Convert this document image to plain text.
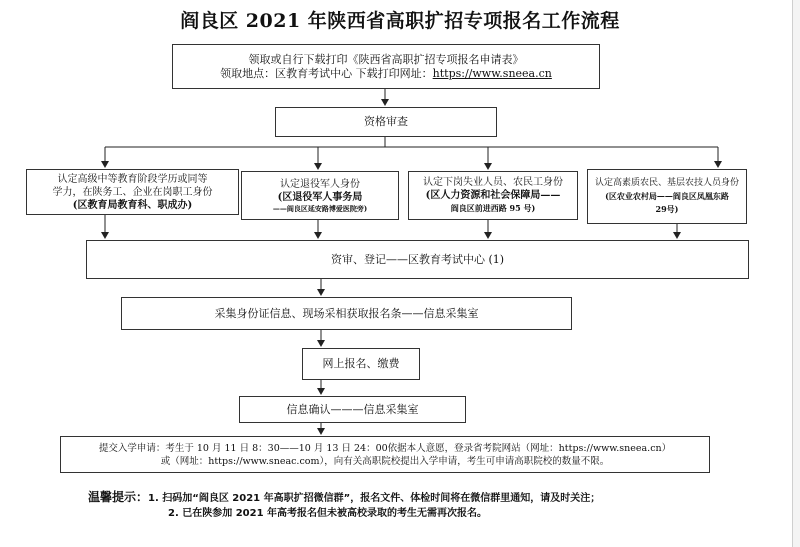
阎良区 2021 年陕西省高职扩招专项报名工作流程
领取或自行下载打印《陕西省高职扩招专项报名申请表》
领取地点：区教育考试中心 下载打印网址：https://www.sneea.cn
资格审查
认定高级中等教育阶段学历或同等
学力，在陕务工、企业在岗职工身份
(区教育局教育科、职成办)
认定退役军人身份
(区退役军人事务局
——阎良区延安路博爱医院旁)
认定下岗失业人员、农民工身份
(区人力资源和社会保障局——
阎良区前进西路 95 号)
认定高素质农民、基层农技人员身份
(区农业农村局——阎良区凤凰东路
29号)
资审、登记——区教育考试中心 (1)
采集身份证信息、现场采相获取报名条——信息采集室
网上报名、缴费
信息确认———信息采集室
提交入学申请：考生于 10 月 11 日 8：30——10 月 13 日 24：00依据本人意愿，登录省考院网站（网址：https://www.sneea.cn）
或（网址：https://www.sneac.com），向有关高职院校提出入学申请，考生可申请高职院校的数量不限。
温馨提示：1. 扫码加“阎良区 2021 年高职扩招微信群”，报名文件、体检时间将在微信群里通知，请及时关注；
2. 已在陕参加 2021 年高考报名但未被高校录取的考生无需再次报名。
